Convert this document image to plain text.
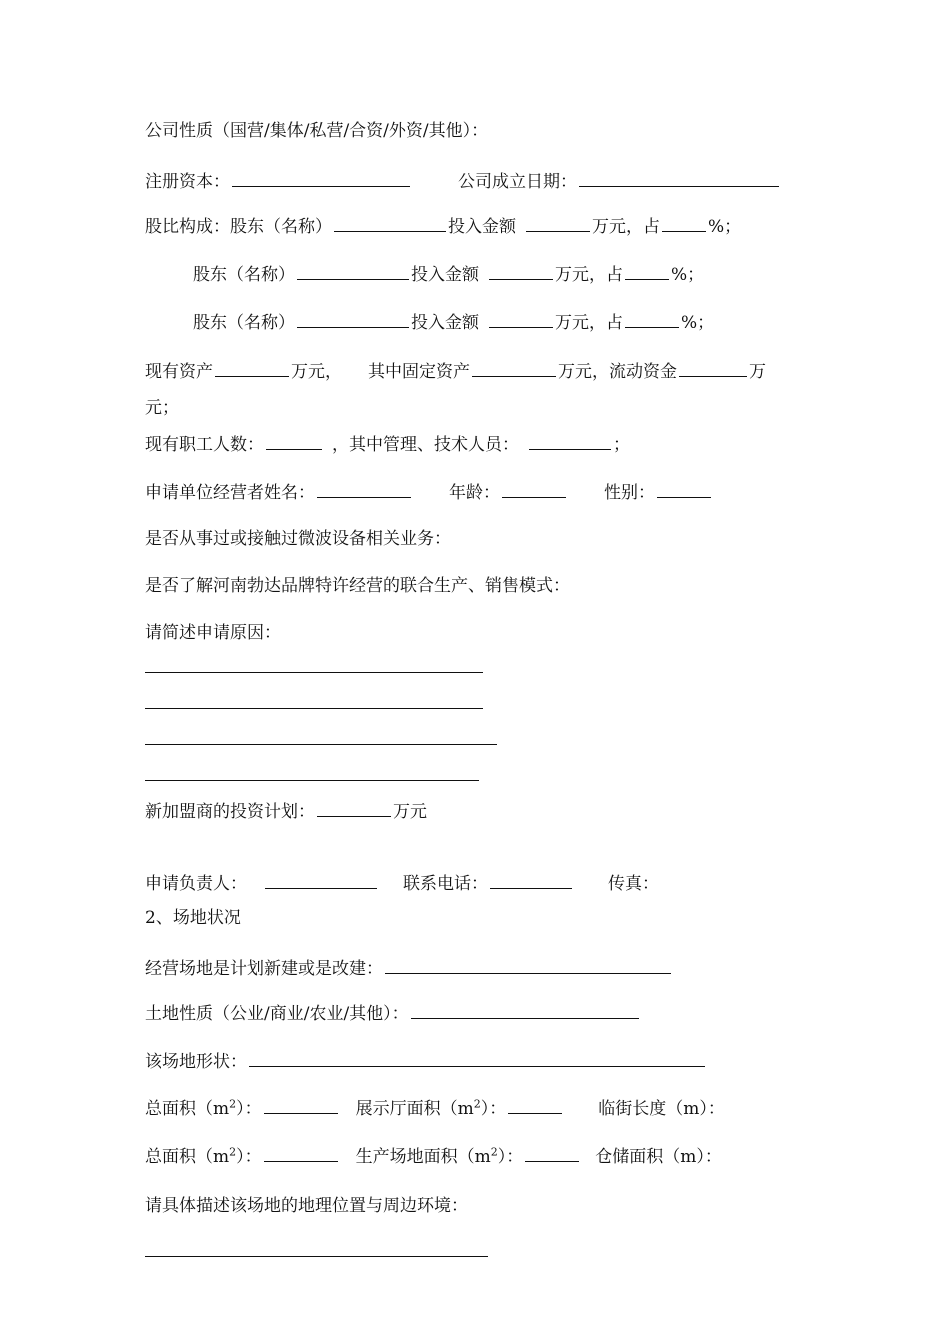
公司性质（国营/集体/私营/合资/外资/其他）：
注册资本：	公司成立日期：
股比构成：股东（名称）	投入金额	万元，占	%；
股东（名称）	投入金额	万元，占	%；
股东（名称）	投入金额	万元，占	%；
现有资产	万元， 其中固定资产	万元，流动资金	万
元；
现有职工人数：	，其中管理、技术人员：	；
申请单位经营者姓名：	年龄：	性别：
是否从事过或接触过微波设备相关业务：
是否了解河南勃达品牌特许经营的联合生产、销售模式：
请简述申请原因：
新加盟商的投资计划：	万元
申请负责人：	联系电话：	传真：
2、场地状况
经营场地是计划新建或是改建：
土地性质（公业/商业/农业/其他）：
该场地形状：
总面积$(m^2)$：	展示厅面积$(m^2)$：	临街长度（m）：
总面积$(m^2)$：	生产场地面积$(m^2)$：	仓储面积（m）：
请具体描述该场地的地理位置与周边环境：
